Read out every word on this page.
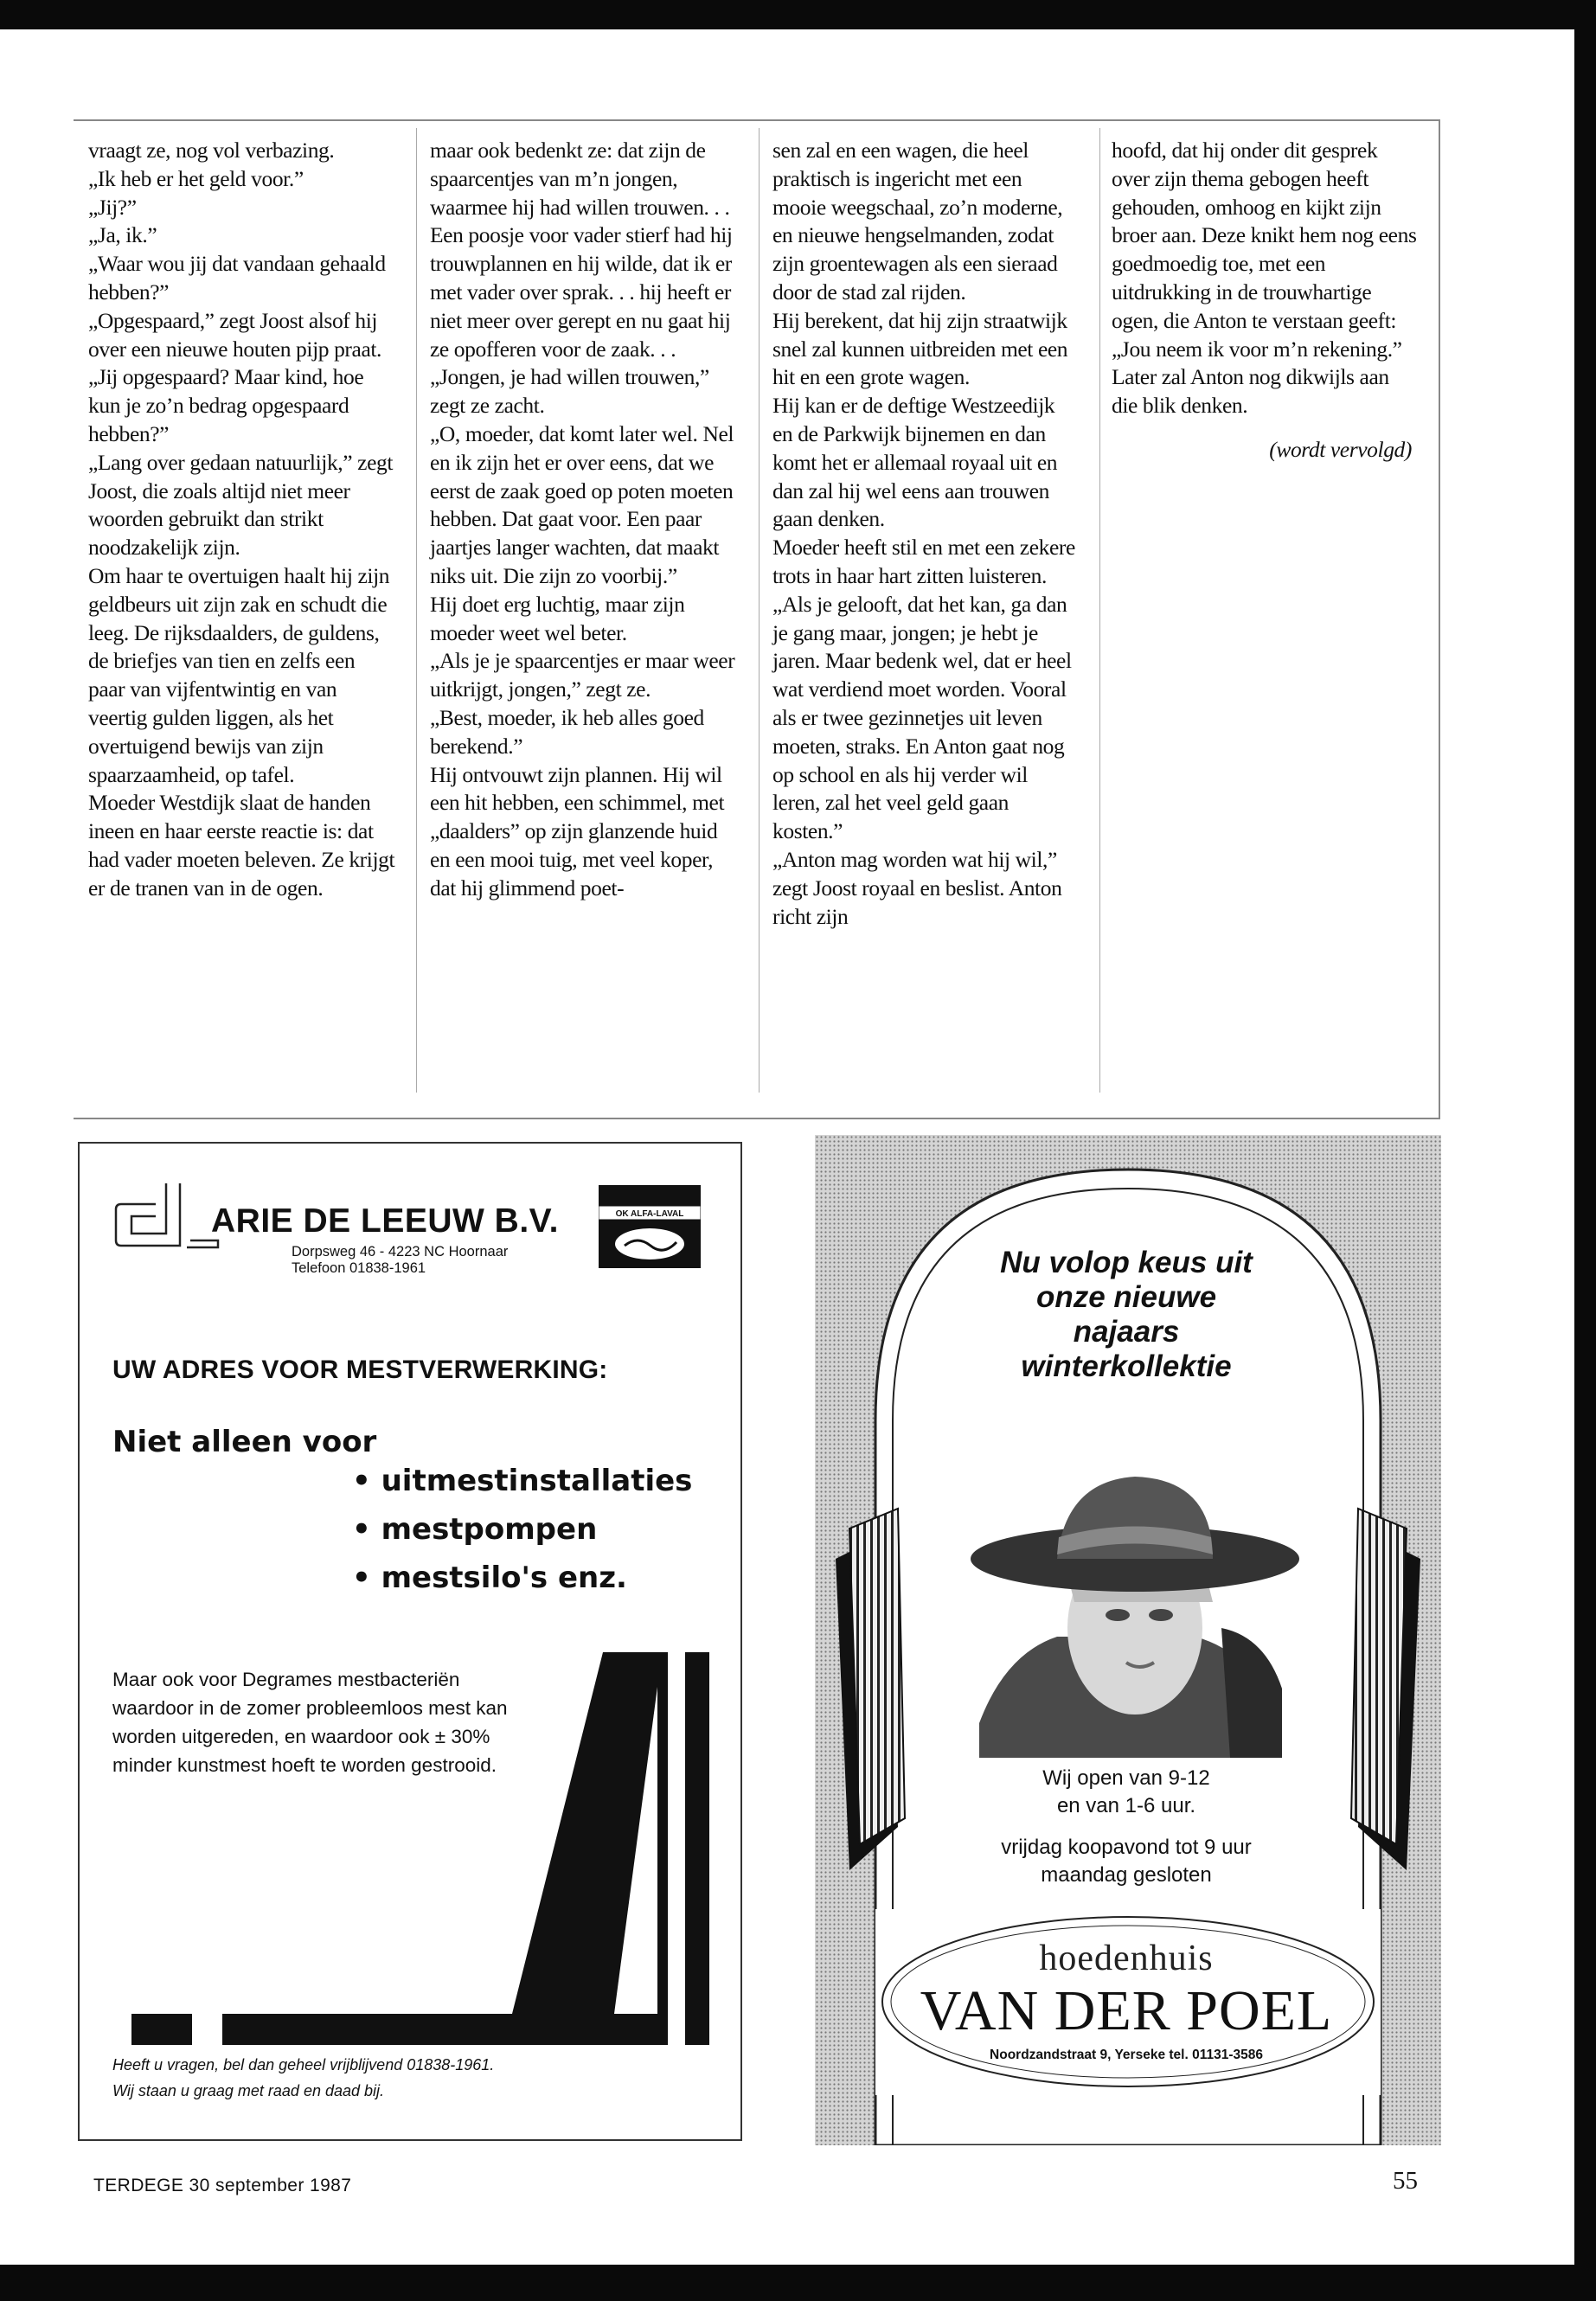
vraagt ze, nog vol verbazing.

„Ik heb er het geld voor.”

„Jij?”

„Ja, ik.”

„Waar wou jij dat vandaan gehaald hebben?”

„Opgespaard,” zegt Joost alsof hij over een nieuwe houten pijp praat.

„Jij opgespaard? Maar kind, hoe kun je zo’n bedrag opgespaard hebben?”

„Lang over gedaan natuurlijk,” zegt Joost, die zoals altijd niet meer woorden gebruikt dan strikt noodzakelijk zijn.

Om haar te overtuigen haalt hij zijn geldbeurs uit zijn zak en schudt die leeg. De rijksdaalders, de guldens, de briefjes van tien en zelfs een paar van vijfentwintig en van veertig gulden liggen, als het overtuigend bewijs van zijn spaarzaamheid, op tafel.

Moeder Westdijk slaat de handen ineen en haar eerste reactie is: dat had vader moeten beleven. Ze krijgt er de tranen van in de ogen.

maar ook bedenkt ze: dat zijn de spaarcentjes van m’n jongen, waarmee hij had willen trouwen. . . Een poosje voor vader stierf had hij trouwplannen en hij wilde, dat ik er met vader over sprak. . . hij heeft er niet meer over gerept en nu gaat hij ze opofferen voor de zaak. . .

„Jongen, je had willen trouwen,” zegt ze zacht.

„O, moeder, dat komt later wel. Nel en ik zijn het er over eens, dat we eerst de zaak goed op poten moeten hebben. Dat gaat voor. Een paar jaartjes langer wachten, dat maakt niks uit. Die zijn zo voorbij.”

Hij doet erg luchtig, maar zijn moeder weet wel beter.

„Als je je spaarcentjes er maar weer uitkrijgt, jongen,” zegt ze.

„Best, moeder, ik heb alles goed berekend.”

Hij ontvouwt zijn plannen. Hij wil een hit hebben, een schimmel, met „daalders” op zijn glanzende huid en een mooi tuig, met veel koper, dat hij glimmend poet-

sen zal en een wagen, die heel praktisch is ingericht met een mooie weegschaal, zo’n moderne, en nieuwe hengselmanden, zodat zijn groentewagen als een sieraad door de stad zal rijden.

Hij berekent, dat hij zijn straatwijk snel zal kunnen uitbreiden met een hit en een grote wagen.

Hij kan er de deftige Westzeedijk en de Parkwijk bijnemen en dan komt het er allemaal royaal uit en dan zal hij wel eens aan trouwen gaan denken.

Moeder heeft stil en met een zekere trots in haar hart zitten luisteren.

„Als je gelooft, dat het kan, ga dan je gang maar, jongen; je hebt je jaren. Maar bedenk wel, dat er heel wat verdiend moet worden. Vooral als er twee gezinnetjes uit leven moeten, straks. En Anton gaat nog op school en als hij verder wil leren, zal het veel geld gaan kosten.”

„Anton mag worden wat hij wil,” zegt Joost royaal en beslist. Anton richt zijn

hoofd, dat hij onder dit gesprek over zijn thema gebogen heeft gehouden, omhoog en kijkt zijn broer aan. Deze knikt hem nog eens goedmoedig toe, met een uitdrukking in de trouwhartige ogen, die Anton te verstaan geeft: „Jou neem ik voor m’n rekening.”

Later zal Anton nog dikwijls aan die blik denken.

(wordt vervolgd)

ARIE DE LEEUW B.V.
Dorpsweg 46 - 4223 NC Hoornaar
Telefoon 01838-1961
OK ALFA-LAVAL
UW ADRES VOOR MESTVERWERKING:
Niet alleen voor
• uitmestinstallaties
• mestpompen
• mestsilo's enz.
Maar ook voor Degrames mestbacteriën waardoor in de zomer probleemloos mest kan worden uitgereden, en waardoor ook ± 30% minder kunstmest hoeft te worden gestrooid.
Heeft u vragen, bel dan geheel vrijblijvend 01838-1961.
Wij staan u graag met raad en daad bij.
Nu volop keus uit
onze nieuwe
najaars
winterkollektie
Wij open van 9-12
en van 1-6 uur.
vrijdag koopavond tot 9 uur
maandag gesloten
hoedenhuis
VAN DER POEL
Noordzandstraat 9, Yerseke tel. 01131-3586
TERDEGE 30 september 1987	55
